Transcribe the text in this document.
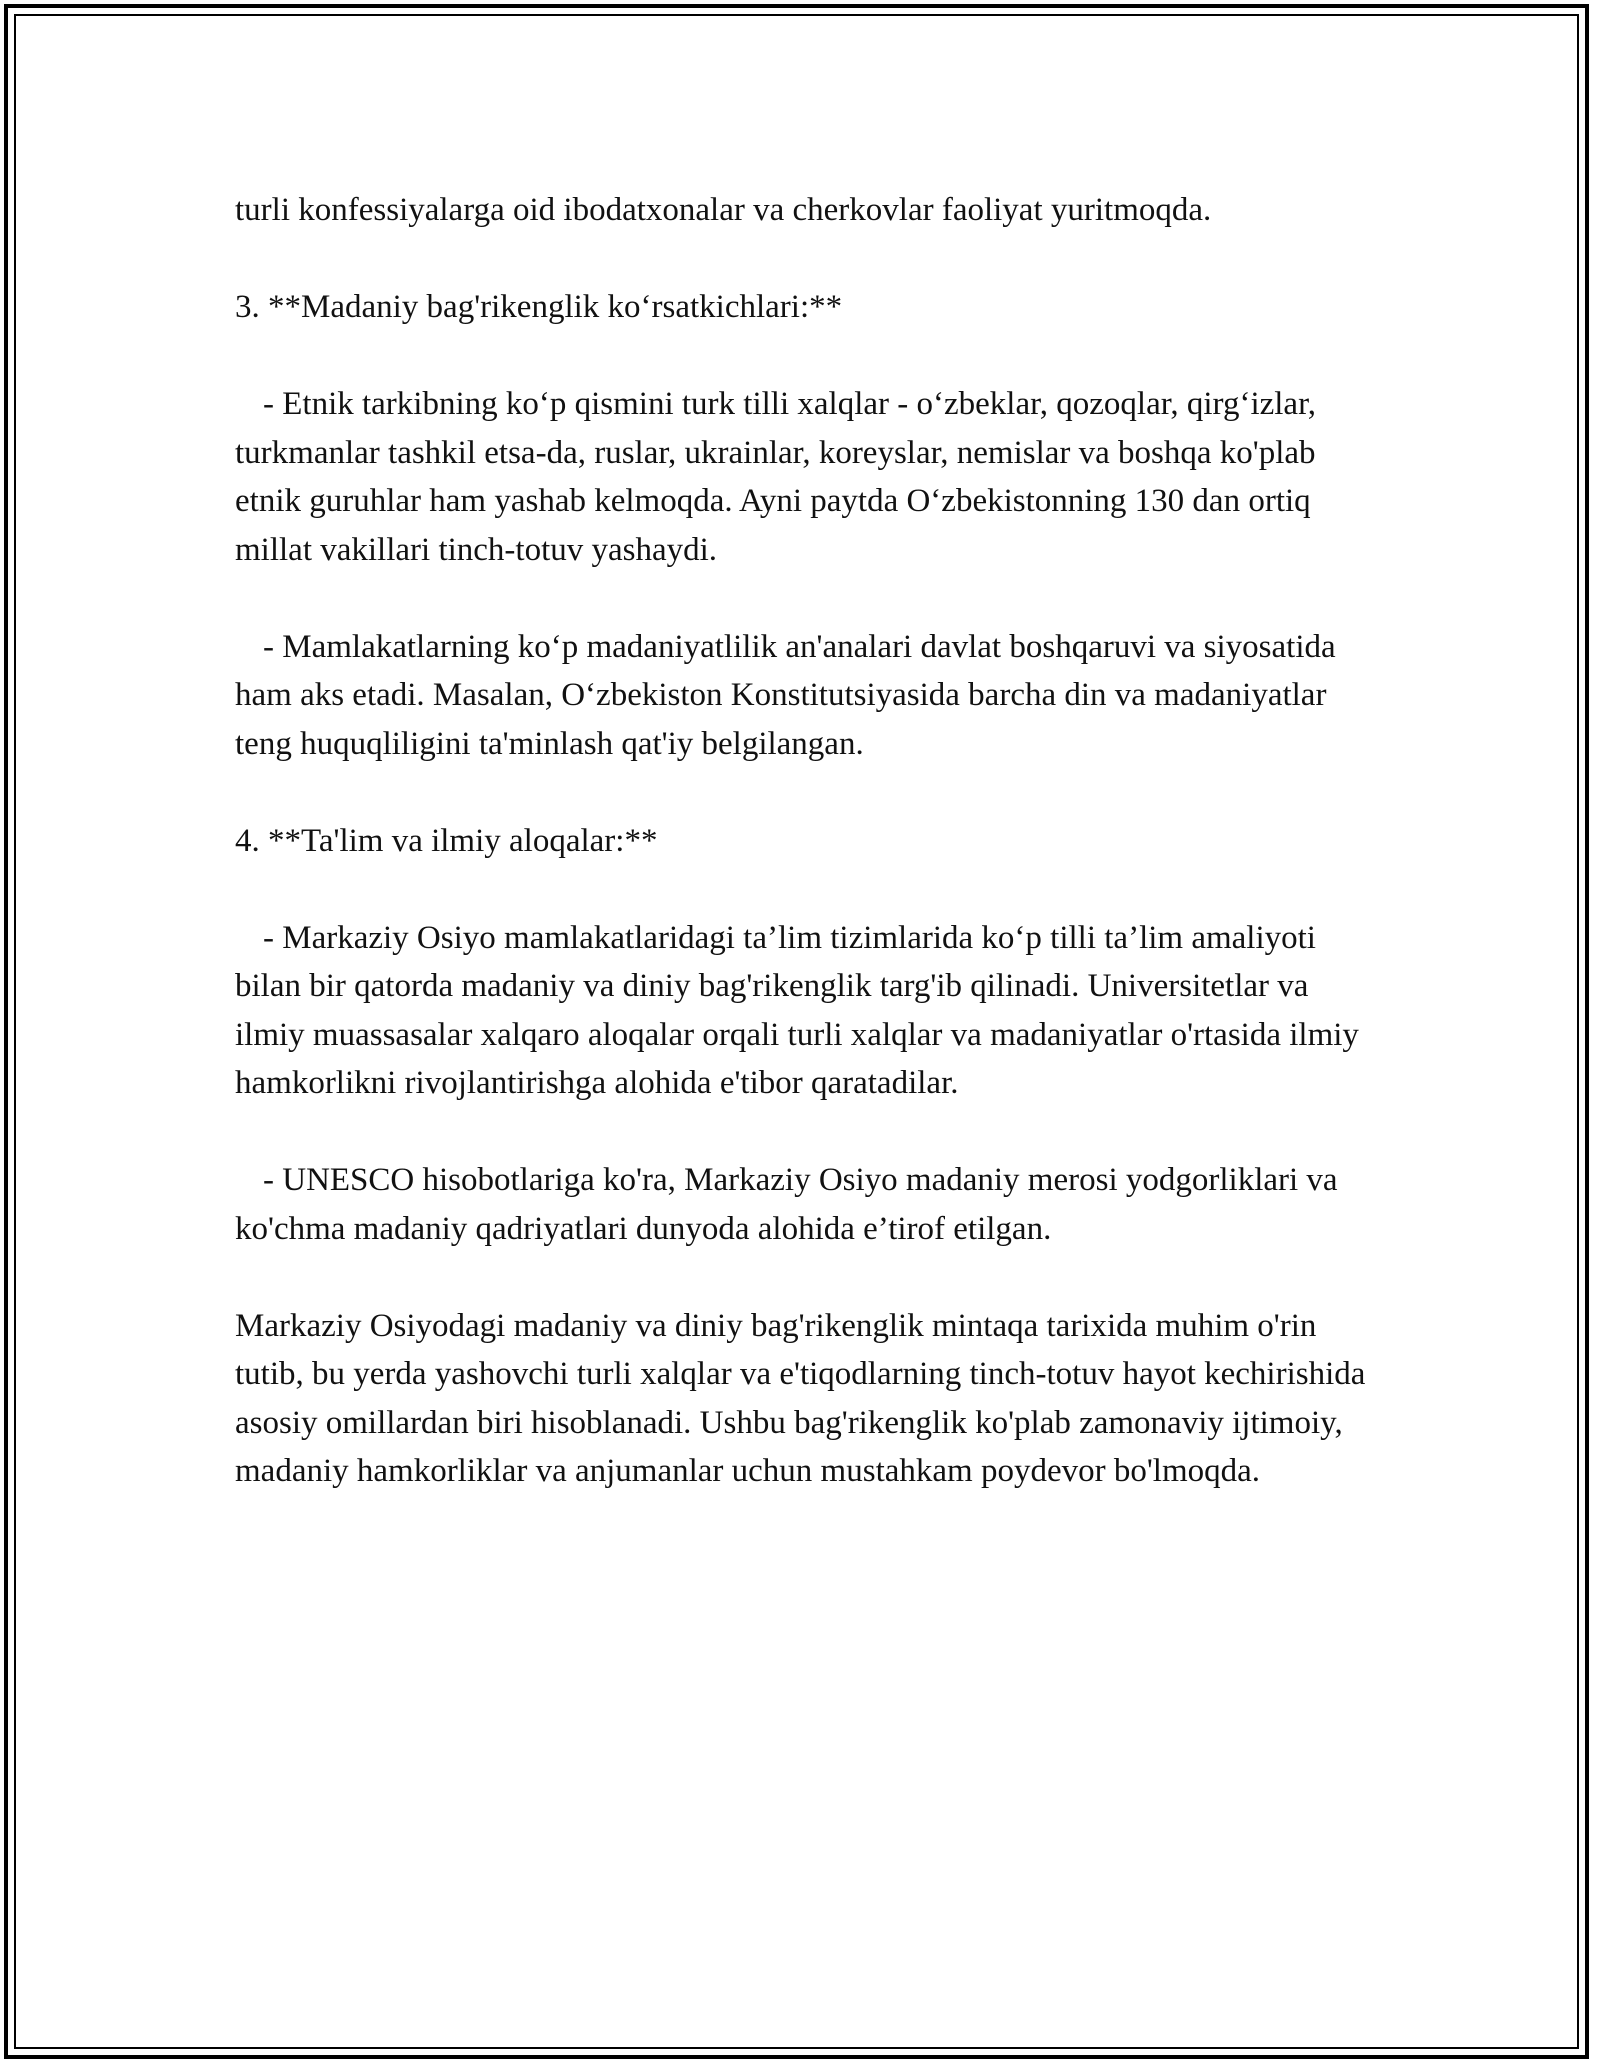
turli konfessiyalarga oid ibodatxonalar va cherkovlar faoliyat yuritmoqda.

3. **Madaniy bag'rikenglik ko‘rsatkichlari:**

- Etnik tarkibning ko‘p qismini turk tilli xalqlar - o‘zbeklar, qozoqlar, qirg‘izlar, turkmanlar tashkil etsa-da, ruslar, ukrainlar, koreyslar, nemislar va boshqa ko'plab etnik guruhlar ham yashab kelmoqda. Ayni paytda O‘zbekistonning 130 dan ortiq millat vakillari tinch-totuv yashaydi.

- Mamlakatlarning ko‘p madaniyatlilik an'analari davlat boshqaruvi va siyosatida ham aks etadi. Masalan, O‘zbekiston Konstitutsiyasida barcha din va madaniyatlar teng huquqliligini ta'minlash qat'iy belgilangan.

4. **Ta'lim va ilmiy aloqalar:**

- Markaziy Osiyo mamlakatlaridagi ta’lim tizimlarida ko‘p tilli ta’lim amaliyoti bilan bir qatorda madaniy va diniy bag'rikenglik targ'ib qilinadi. Universitetlar va ilmiy muassasalar xalqaro aloqalar orqali turli xalqlar va madaniyatlar o'rtasida ilmiy hamkorlikni rivojlantirishga alohida e'tibor qaratadilar.

- UNESCO hisobotlariga ko'ra, Markaziy Osiyo madaniy merosi yodgorliklari va ko'chma madaniy qadriyatlari dunyoda alohida e’tirof etilgan.

Markaziy Osiyodagi madaniy va diniy bag'rikenglik mintaqa tarixida muhim o'rin tutib, bu yerda yashovchi turli xalqlar va e'tiqodlarning tinch-totuv hayot kechirishida asosiy omillardan biri hisoblanadi. Ushbu bag'rikenglik ko'plab zamonaviy ijtimoiy, madaniy hamkorliklar va anjumanlar uchun mustahkam poydevor bo'lmoqda.
